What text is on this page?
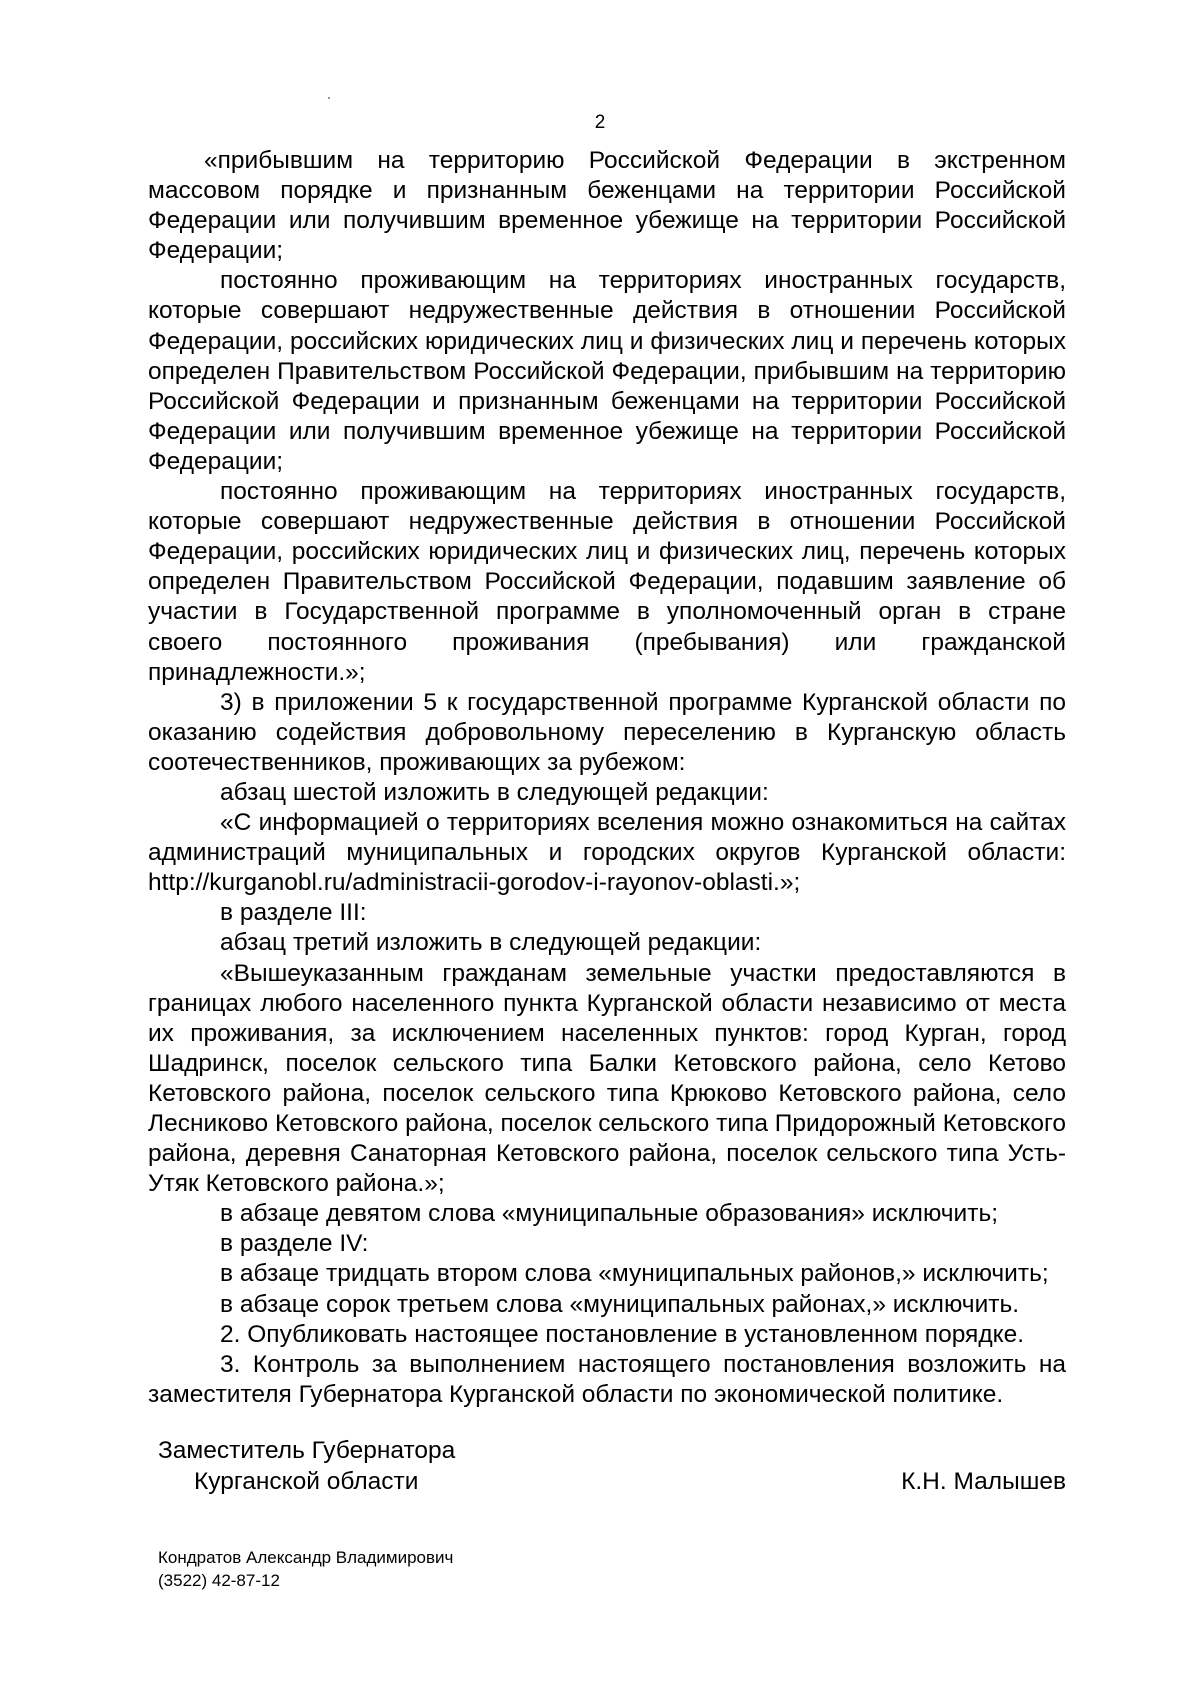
2

«прибывшим на территорию Российской Федерации в экстренном массовом порядке и признанным беженцами на территории Российской Федерации или получившим временное убежище на территории Российской Федерации;

постоянно проживающим на территориях иностранных государств, которые совершают недружественные действия в отношении Российской Федерации, российских юридических лиц и физических лиц и перечень которых определен Правительством Российской Федерации, прибывшим на территорию Российской Федерации и признанным беженцами на территории Российской Федерации или получившим временное убежище на территории Российской Федерации;

постоянно проживающим на территориях иностранных государств, которые совершают недружественные действия в отношении Российской Федерации, российских юридических лиц и физических лиц, перечень которых определен Правительством Российской Федерации, подавшим заявление об участии в Государственной программе в уполномоченный орган в стране своего постоянного проживания (пребывания) или гражданской принадлежности.»;

3) в приложении 5 к государственной программе Курганской области по оказанию содействия добровольному переселению в Курганскую область соотечественников, проживающих за рубежом:

абзац шестой изложить в следующей редакции:

«С информацией о территориях вселения можно ознакомиться на сайтах администраций муниципальных и городских округов Курганской области: http://kurganobl.ru/administracii-gorodov-i-rayonov-oblasti.»;

в разделе III:

абзац третий изложить в следующей редакции:

«Вышеуказанным гражданам земельные участки предоставляются в границах любого населенного пункта Курганской области независимо от места их проживания, за исключением населенных пунктов: город Курган, город Шадринск, поселок сельского типа Балки Кетовского района, село Кетово Кетовского района, поселок сельского типа Крюково Кетовского района, село Лесниково Кетовского района, поселок сельского типа Придорожный Кетовского района, деревня Санаторная Кетовского района, поселок сельского типа Усть-Утяк Кетовского района.»;

в абзаце девятом слова «муниципальные образования» исключить;

в разделе IV:

в абзаце тридцать втором слова «муниципальных районов,» исключить;

в абзаце сорок третьем слова «муниципальных районах,» исключить.

2. Опубликовать настоящее постановление в установленном порядке.

3. Контроль за выполнением настоящего постановления возложить на заместителя Губернатора Курганской области по экономической политике.

Заместитель Губернатора
Курганской области	К.Н. Малышев
Кондратов Александр Владимирович
(3522) 42-87-12
